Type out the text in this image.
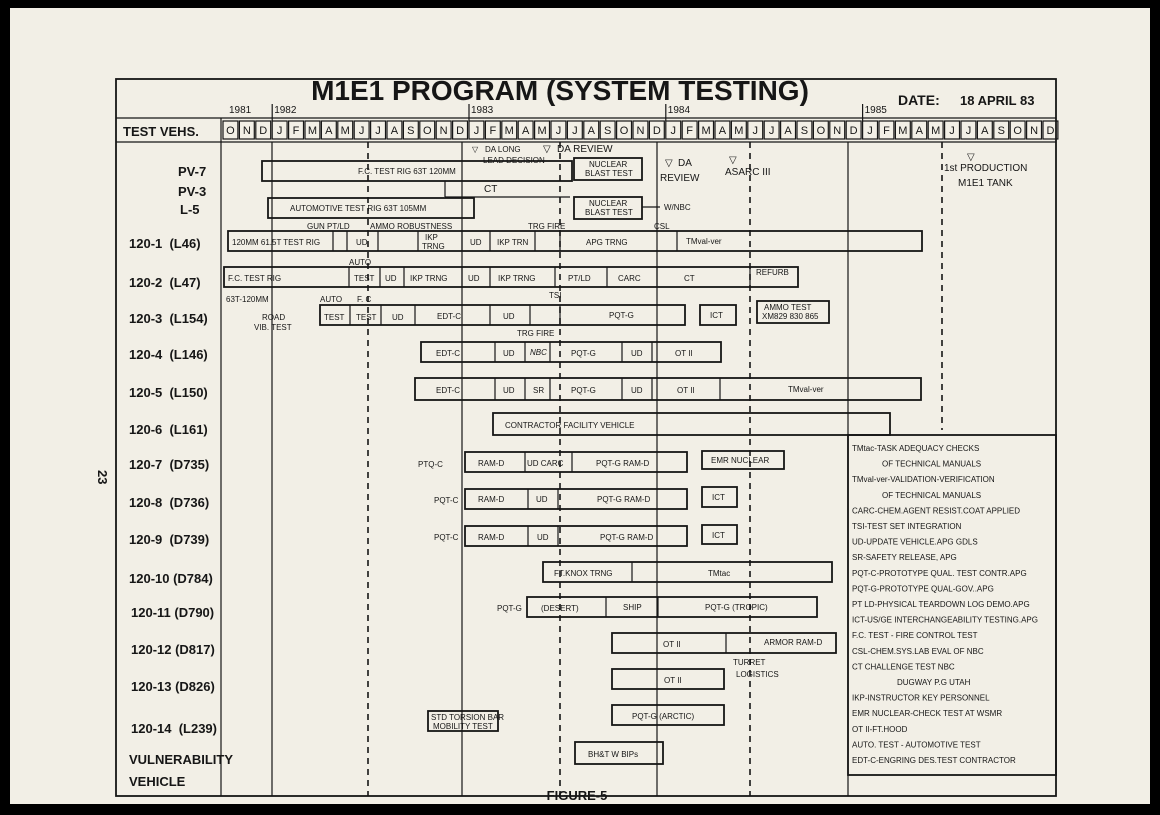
O N D J F M A M J J A S O N D J F M A M J J A S O N D J F M A M J J A S O N D J F M A M J J A S O N D
1981 1982	1983	1984	1985
M1E1 PROGRAM (SYSTEM TESTING)	DATE: 18 APRIL 83
TEST VEHS.
23
FIGURE-5
PV-7
PV-3
L-5
120-1  (L46)
120-2  (L47)
120-3  (L154)
120-4  (L146)
120-5  (L150)
120-6  (L161)
120-7  (D735)
120-8  (D736)
120-9  (D739)
120-10 (D784)
120-11 (D790)
120-12 (D817)
120-13 (D826)
120-14  (L239)
VULNERABILITY
VEHICLE
F.C. TEST RIG 63T 120MM
CT
AUTOMOTIVE TEST RIG 63T 105MM
NUCLEAR
BLAST TEST
NUCLEAR
BLAST TEST
W/NBC
120MM 61.5T TEST RIG	UD
IKP
TRNG	UD IKP TRN	APG TRNG	TMval-ver
F.C. TEST RIG	TEST UD IKP TRNG	UD IKP TRNG	PT/LD	CARC	CT
REFURB
TEST TEST UD	EDT-C	UD	PQT-G	ICT
AMMO TEST
XM829 830 865
EDT-C	UD NBC	PQT-G	UD	OT II
EDT-C	UD SR	PQT-G	UD	OT II	TMval-ver
CONTRACTOR FACILITY VEHICLE
RAM-D	UD CARC	PQT-G RAM-D	EMR NUCLEAR
RAM-D	UD	PQT-G RAM-D	ICT
RAM-D	UD	PQT-G RAM-D	ICT
FT.KNOX TRNG	TMtac
(DESERT)	SHIP	PQT-G (TROPIC)
OT II	ARMOR RAM-D
OT II
PQT-G (ARCTIC)
STD TORSION BAR
MOBILITY TEST
BH&T W BIPs
▽ DA LONG
LEAD DECISION
▽ DA REVIEW
▽ DA
REVIEW
▽
ASARC III
▽
1st PRODUCTION
M1E1 TANK
GUN PT/LD	AMMO ROBUSTNESS	TRG FIRE	CSL
AUTO
63T-120MM	AUTO F. C	TSI
ROAD
VIB. TEST
TRG FIRE
PTQ-C
PQT-C
PQT-C
PQT-G
TURRET
LOGISTICS
TMtac-TASK ADEQUACY CHECKS
OF TECHNICAL MANUALS
TMval-ver-VALIDATION-VERIFICATION
OF TECHNICAL MANUALS
CARC-CHEM.AGENT RESIST.COAT APPLIED
TSI-TEST SET INTEGRATION
UD-UPDATE VEHICLE.APG GDLS
SR-SAFETY RELEASE, APG
PQT-C-PROTOTYPE QUAL. TEST CONTR.APG
PQT-G-PROTOTYPE QUAL-GOV..APG
PT LD-PHYSICAL TEARDOWN LOG DEMO.APG
ICT-US/GE INTERCHANGEABILITY TESTING.APG
F.C. TEST - FIRE CONTROL TEST
CSL-CHEM.SYS.LAB EVAL OF NBC
CT CHALLENGE TEST NBC
DUGWAY P.G UTAH
IKP-INSTRUCTOR KEY PERSONNEL
EMR NUCLEAR-CHECK TEST AT WSMR
OT II-FT.HOOD
AUTO. TEST - AUTOMOTIVE TEST
EDT-C-ENGRING DES.TEST CONTRACTOR
